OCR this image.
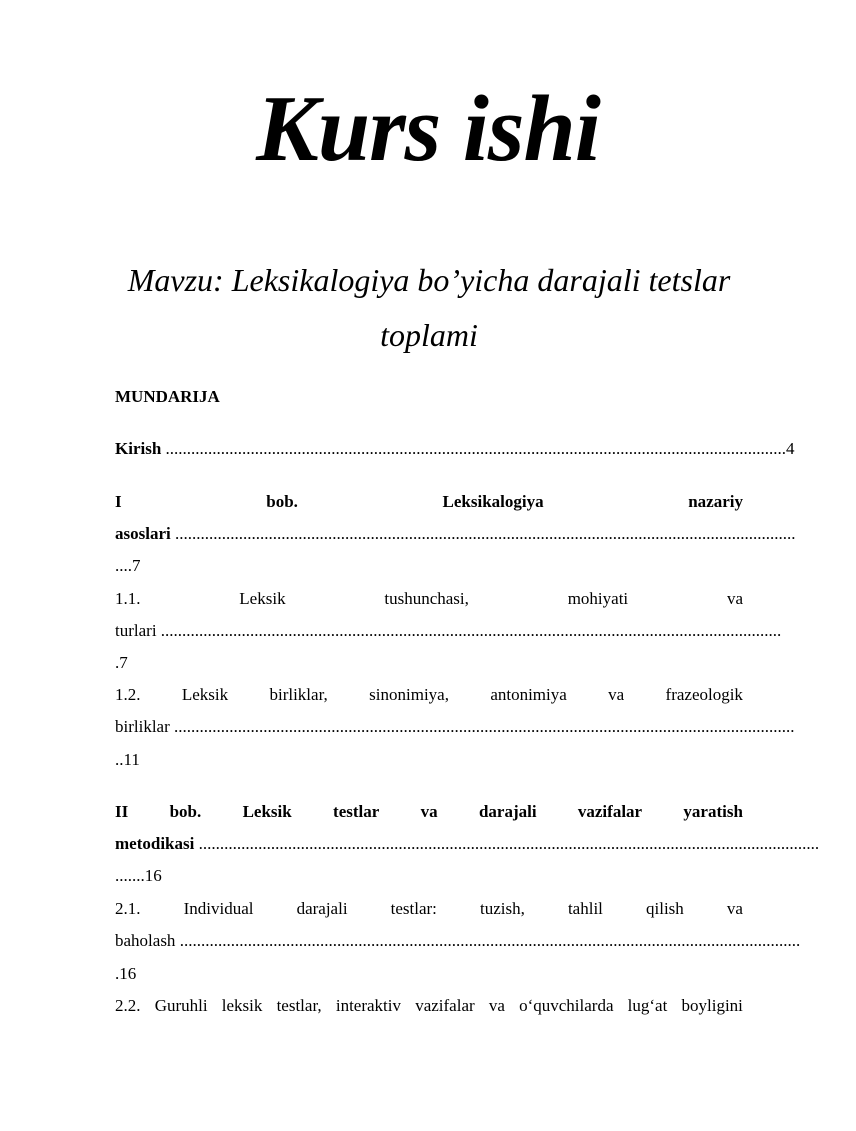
Kurs ishi
Mavzu: Leksikalogiya bo’yicha darajali tetslar
toplami
MUNDARIJA
Kirish .................................................................................................................................................. 4
I	bob.	Leksikalogiya	nazariy
asoslari ..................................................................................................................................................
....7
1.1.	Leksik	tushunchasi,	mohiyati	va
turlari ..................................................................................................................................................
.7
1.2. Leksik birliklar, sinonimiya, antonimiya va frazeologik
birliklar ..................................................................................................................................................
..11
II bob. Leksik testlar va darajali vazifalar yaratish
metodikasi ..................................................................................................................................................
.......16
2.1.	Individual	darajali	testlar:	tuzish,	tahlil	qilish	va
baholash ..................................................................................................................................................
.16
2.2. Guruhli leksik testlar, interaktiv vazifalar va o‘quvchilarda lug‘at boyligini
